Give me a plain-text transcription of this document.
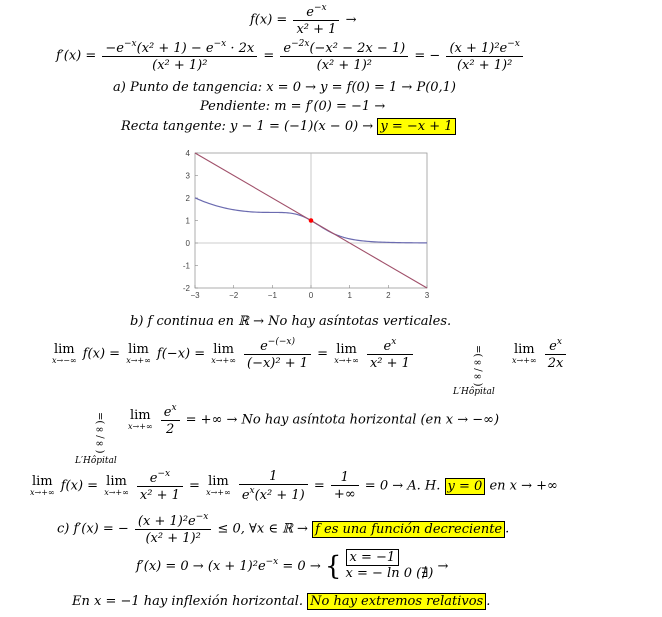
$f(x) = \frac{e^{-x}}{\text{x² + 1}}$ →
$f'(x) = \frac{-e^{-x}(x^2 + 1) - e^{-x} \cdot 2x}{\text{(x² + 1)²}} = \frac{e^{-2x}(-x^2 - 2x - 1)}{\text{(x² + 1)²}}$ = − $\frac{(x + 1)^2e^{-x}}{\text{(x² + 1)²}}$
a) Punto de tangencia: x = 0 → y = f(0) = 1 → P(0,1)
Pendiente: m = f′(0) = −1 →
Recta tangente: y − 1 = (−1)(x − 0) → y = −x + 1
−3	−2	−1	0	1	2	3
4
3
2
1
0
-1
-2
b) f continua en ℝ → No hay asíntotas verticales.
lim
x→−∞ f(x) = lim
x→+∞ f(−x) = lim
x→+∞
$\frac{e^{-(-x)}}{\text{(−x)² + 1}} = \lim$
x→+∞
$\frac{e^x}{\text{x² + 1}}$	=(∞/∞)
L′Hôpital
lim
x→+∞
$\frac{e^x}{2x}$
=(∞/∞)
L′Hôpital
lim
x→+∞
$\frac{e^x}{2}$ = +∞ → No hay asíntota horizontal (en x → −∞)
lim
x→+∞ f(x) = lim
x→+∞
$\frac{e^{-x}}{\text{x² + 1}} = \lim$
x→+∞
$\frac{1}{e^x(x^2 + 1)} = \frac{1}{+\infty} = 0 \to A$. H. y = 0 en x → +∞
c) f′(x) = − $\frac{(x + 1)^2e^{-x}}{\text{(x² + 1)²}} \le 0$, ∀x ∈ ℝ → f es una función decreciente .
$f'(x) = 0 \to (x + 1)^2e^{-x} = 0$ → { x = −1
x = − ln 0 (∄) →
En x = −1 hay inflexión horizontal. No hay extremos relativos .
